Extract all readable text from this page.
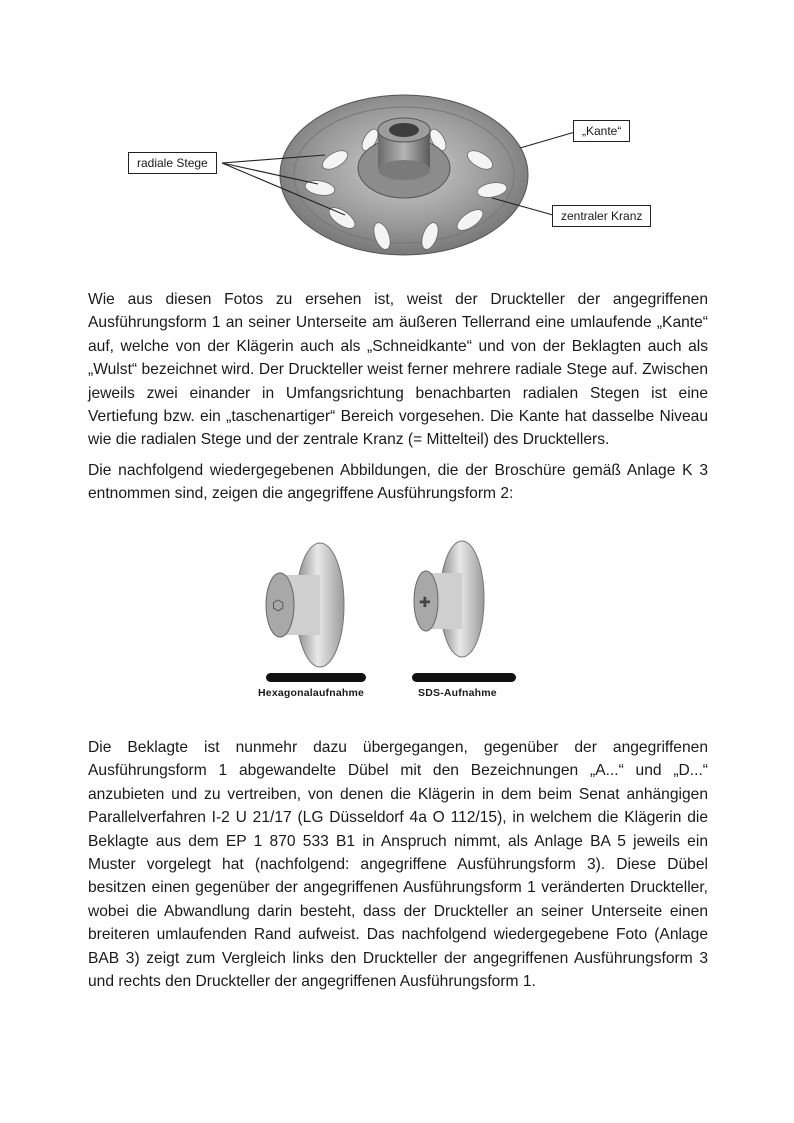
radiale Stege
„Kante“
zentraler Kranz

Wie aus diesen Fotos zu ersehen ist, weist der Druckteller der angegriffenen Ausführungsform 1 an seiner Unterseite am äußeren Tellerrand eine umlaufende „Kante“ auf, welche von der Klägerin auch als „Schneidkante“ und von der Beklagten auch als „Wulst“ bezeichnet wird. Der Druckteller weist ferner mehrere radiale Stege auf. Zwischen jeweils zwei einander in Umfangsrichtung benachbarten radialen Stegen ist eine Vertiefung bzw. ein „taschenartiger“ Bereich vorgesehen. Die Kante hat dasselbe Niveau wie die radialen Stege und der zentrale Kranz (= Mittelteil) des Drucktellers.

Die nachfolgend wiedergegebenen Abbildungen, die der Broschüre gemäß Anlage K 3 entnommen sind, zeigen die angegriffene Ausführungsform 2:

⬡	✚
Hexagonalaufnahme	SDS-Aufnahme

Die Beklagte ist nunmehr dazu übergegangen, gegenüber der angegriffenen Ausführungsform 1 abgewandelte Dübel mit den Bezeichnungen „A...“ und „D...“ anzubieten und zu vertreiben, von denen die Klägerin in dem beim Senat anhängigen Parallelverfahren I-2 U 21/17 (LG Düsseldorf 4a O 112/15), in welchem die Klägerin die Beklagte aus dem EP 1 870 533 B1 in Anspruch nimmt, als Anlage BA 5 jeweils ein Muster vorgelegt hat (nachfolgend: angegriffene Ausführungsform 3). Diese Dübel besitzen einen gegenüber der angegriffenen Ausführungsform 1 veränderten Druckteller, wobei die Abwandlung darin besteht, dass der Druckteller an seiner Unterseite einen breiteren umlaufenden Rand aufweist. Das nachfolgend wiedergegebene Foto (Anlage BAB 3) zeigt zum Vergleich links den Druckteller der angegriffenen Ausführungsform 3 und rechts den Druckteller der angegriffenen Ausführungsform 1.
